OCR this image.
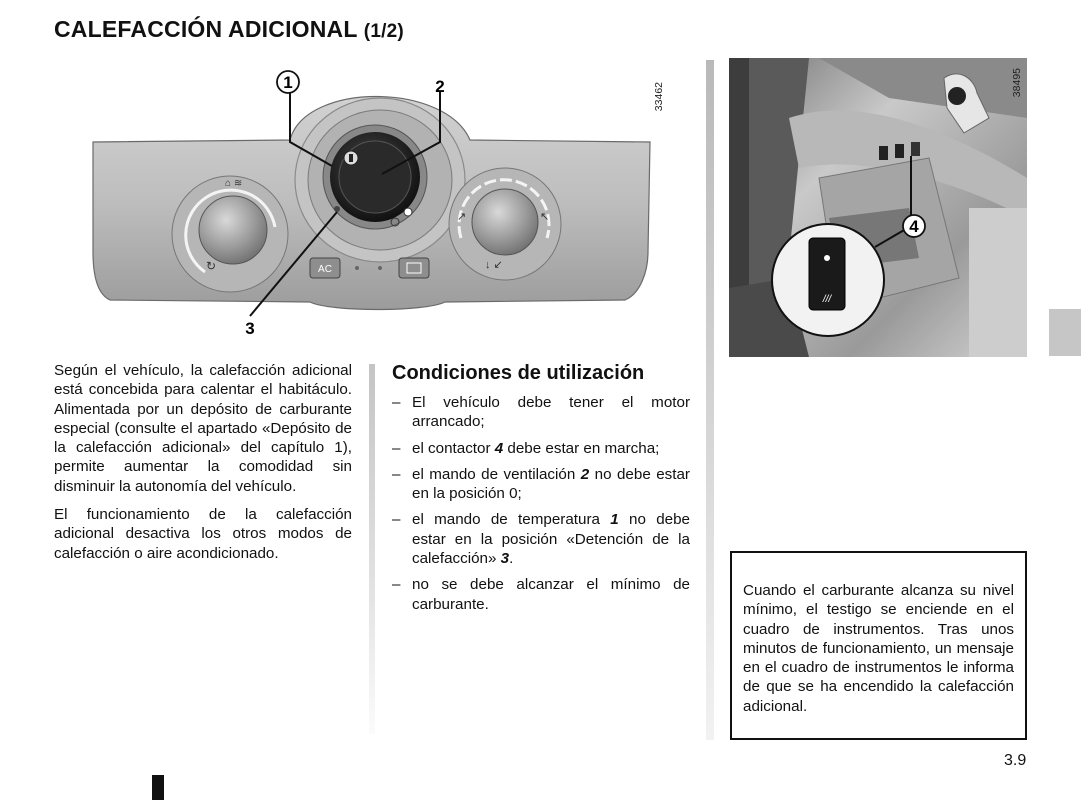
CALEFACCIÓN ADICIONAL (1/2)
⌂ ≋
↻
↗	↖
↓ ↙
AC
1	2
3
33462
///
4
38495

Según el vehículo, la calefacción adicional está concebida para calentar el habitáculo. Alimentada por un depósito de carburante especial (consulte el apartado «Depósito de la calefacción adicional» del capítulo 1), permite aumentar la comodidad sin disminuir la autonomía del vehículo.

El funcionamiento de la calefacción adicional desactiva los otros modos de calefacción o aire acondicionado.

Condiciones de utilización
– El vehículo debe tener el motor arrancado;
– el contactor 4 debe estar en marcha;
– el mando de ventilación 2 no debe estar en la posición 0;
– el mando de temperatura 1 no debe estar en la posición «Detención de la calefacción» 3.
– no se debe alcanzar el mínimo de carburante.

Cuando el carburante alcanza su nivel mínimo, el testigo se enciende en el cuadro de instrumentos. Tras unos minutos de funcionamiento, un mensaje en el cuadro de instrumentos le informa de que se ha encendido la calefacción adicional.

3.9
